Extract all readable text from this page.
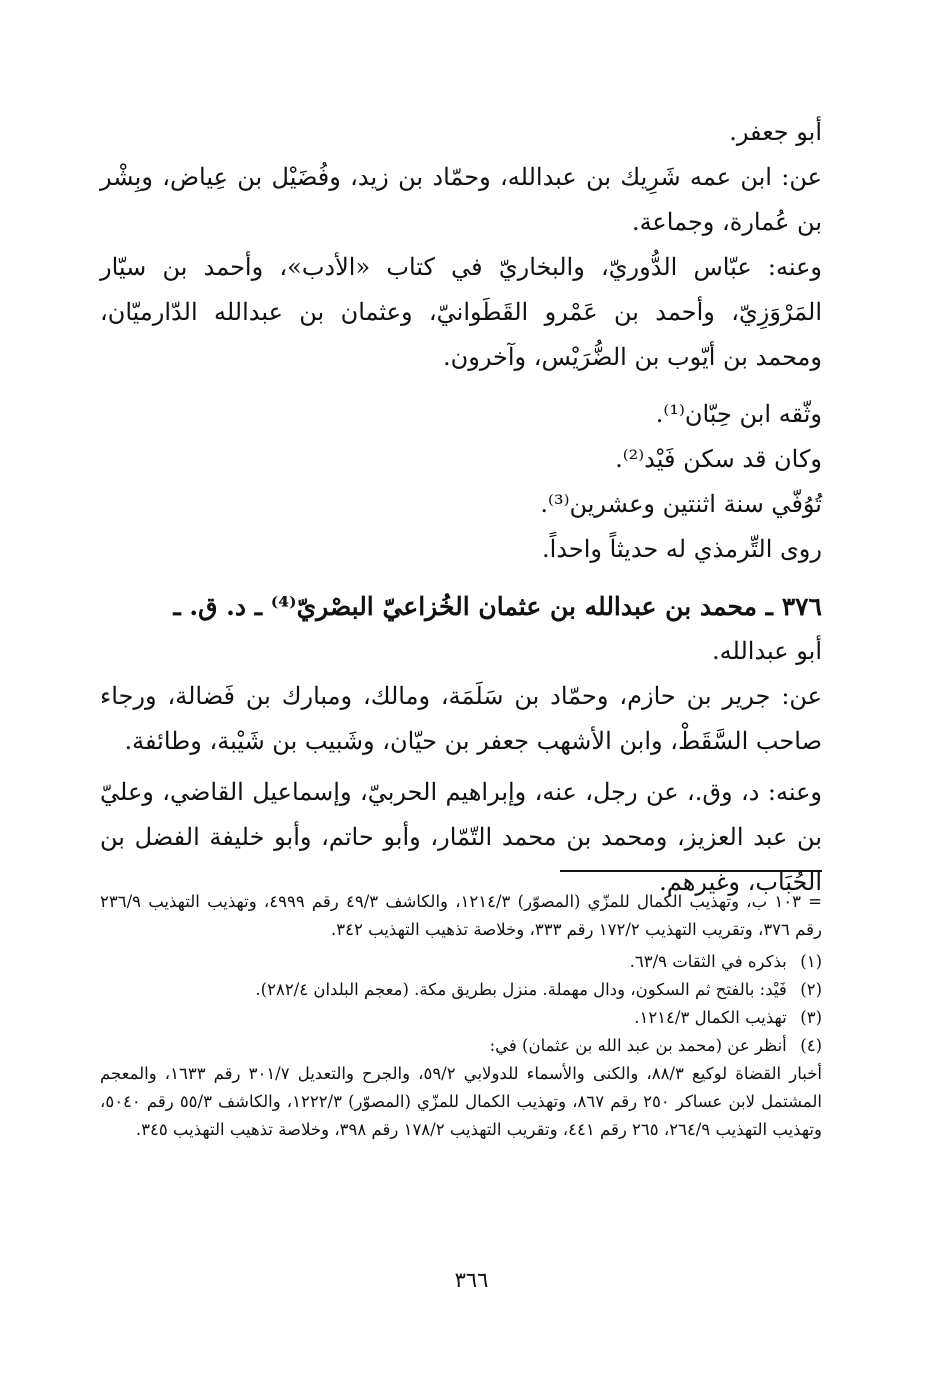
أبو جعفر.

عن: ابن عمه شَرِيك بن عبدالله، وحمّاد بن زيد، وفُضَيْل بن عِياض، وبِشْر بن عُمارة، وجماعة.

وعنه: عبّاس الدُّوريّ، والبخاريّ في كتاب «الأدب»، وأحمد بن سيّار المَرْوَزِيّ، وأحمد بن عَمْرو القَطَوانيّ، وعثمان بن عبدالله الدّارميّان، ومحمد بن أيّوب بن الضُّرَيْس، وآخرون.

وثّقه ابن حِبّان⁽¹⁾.

وكان قد سكن فَيْد⁽²⁾.

تُوُفّي سنة اثنتين وعشرين⁽³⁾.

روى التِّرمذي له حديثاً واحداً.

٣٧٦ ـ محمد بن عبدالله بن عثمان الخُزاعيّ البصْريّ⁽⁴⁾ ـ د. ق. ـ

أبو عبدالله.

عن: جرير بن حازم، وحمّاد بن سَلَمَة، ومالك، ومبارك بن فَضالة، ورجاء صاحب السَّقَطْ، وابن الأشهب جعفر بن حيّان، وشَبيب بن شَيْبة، وطائفة.

وعنه: د، وق.، عن رجل، عنه، وإبراهيم الحربيّ، وإسماعيل القاضي، وعليّ بن عبد العزيز، ومحمد بن محمد التّمّار، وأبو حاتم، وأبو خليفة الفضل بن الحُبَاب، وغيرهم.

= ١٠٣ ب، وتهذيب الكمال للمزّي (المصوّر) ١٢١٤/٣، والكاشف ٤٩/٣ رقم ٤٩٩٩، وتهذيب التهذيب ٢٣٦/٩ رقم ٣٧٦، وتقريب التهذيب ١٧٢/٢ رقم ٣٣٣، وخلاصة تذهيب التهذيب ٣٤٢.

(١) بذكره في الثقات ٦٣/٩.

(٢) فَيْد: بالفتح ثم السكون، ودال مهملة. منزل بطريق مكة. (معجم البلدان ٢٨٢/٤).

(٣) تهذيب الكمال ١٢١٤/٣.

(٤) أنظر عن (محمد بن عبد الله بن عثمان) في:

أخبار القضاة لوكيع ٨٨/٣، والكنى والأسماء للدولابي ٥٩/٢، والجرح والتعديل ٣٠١/٧ رقم ١٦٣٣، والمعجم المشتمل لابن عساكر ٢٥٠ رقم ٨٦٧، وتهذيب الكمال للمزّي (المصوّر) ١٢٢٢/٣، والكاشف ٥٥/٣ رقم ٥٠٤٠، وتهذيب التهذيب ٢٦٤/٩، ٢٦٥ رقم ٤٤١، وتقريب التهذيب ١٧٨/٢ رقم ٣٩٨، وخلاصة تذهيب التهذيب ٣٤٥.

٣٦٦
